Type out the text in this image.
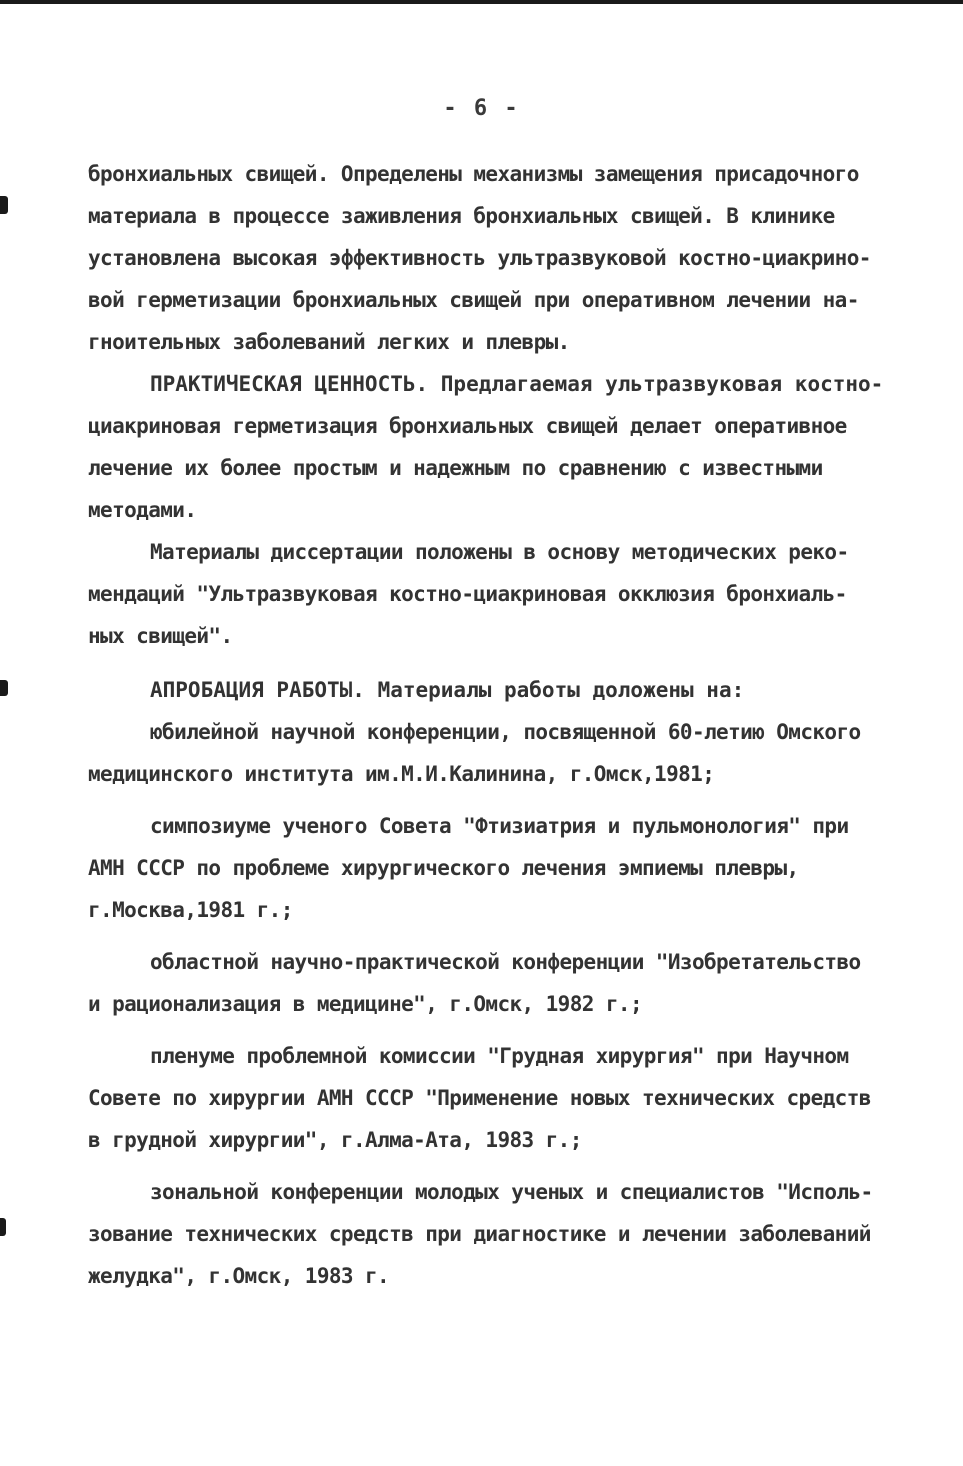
- 6 -
бронхиальных свищей. Определены механизмы замещения присадочного
материала в процессе заживления бронхиальных свищей. В клинике
установлена высокая эффективность ультразвуковой костно-циакрино-
вой герметизации бронхиальных свищей при оперативном лечении на-
гноительных заболеваний легких и плевры.
ПРАКТИЧЕСКАЯ ЦЕННОСТЬ. Предлагаемая ультразвуковая костно-
циакриновая герметизация бронхиальных свищей делает оперативное
лечение их более простым и надежным по сравнению с известными
методами.
Материалы диссертации положены в основу методических реко-
мендаций "Ультразвуковая костно-циакриновая окклюзия бронхиаль-
ных свищей".
АПРОБАЦИЯ РАБОТЫ. Материалы работы доложены на:
юбилейной научной конференции, посвященной 60-летию Омского
медицинского института им.М.И.Калинина, г.Омск,1981;
симпозиуме ученого Совета "Фтизиатрия и пульмонология" при
АМН СССР по проблеме хирургического лечения эмпиемы плевры,
г.Москва,1981 г.;
областной научно-практической конференции "Изобретательство
и рационализация в медицине", г.Омск, 1982 г.;
пленуме проблемной комиссии "Грудная хирургия" при Научном
Совете по хирургии АМН СССР "Применение новых технических средств
в грудной хирургии", г.Алма-Ата, 1983 г.;
зональной конференции молодых ученых и специалистов "Исполь-
зование технических средств при диагностике и лечении заболеваний
желудка", г.Омск, 1983 г.
